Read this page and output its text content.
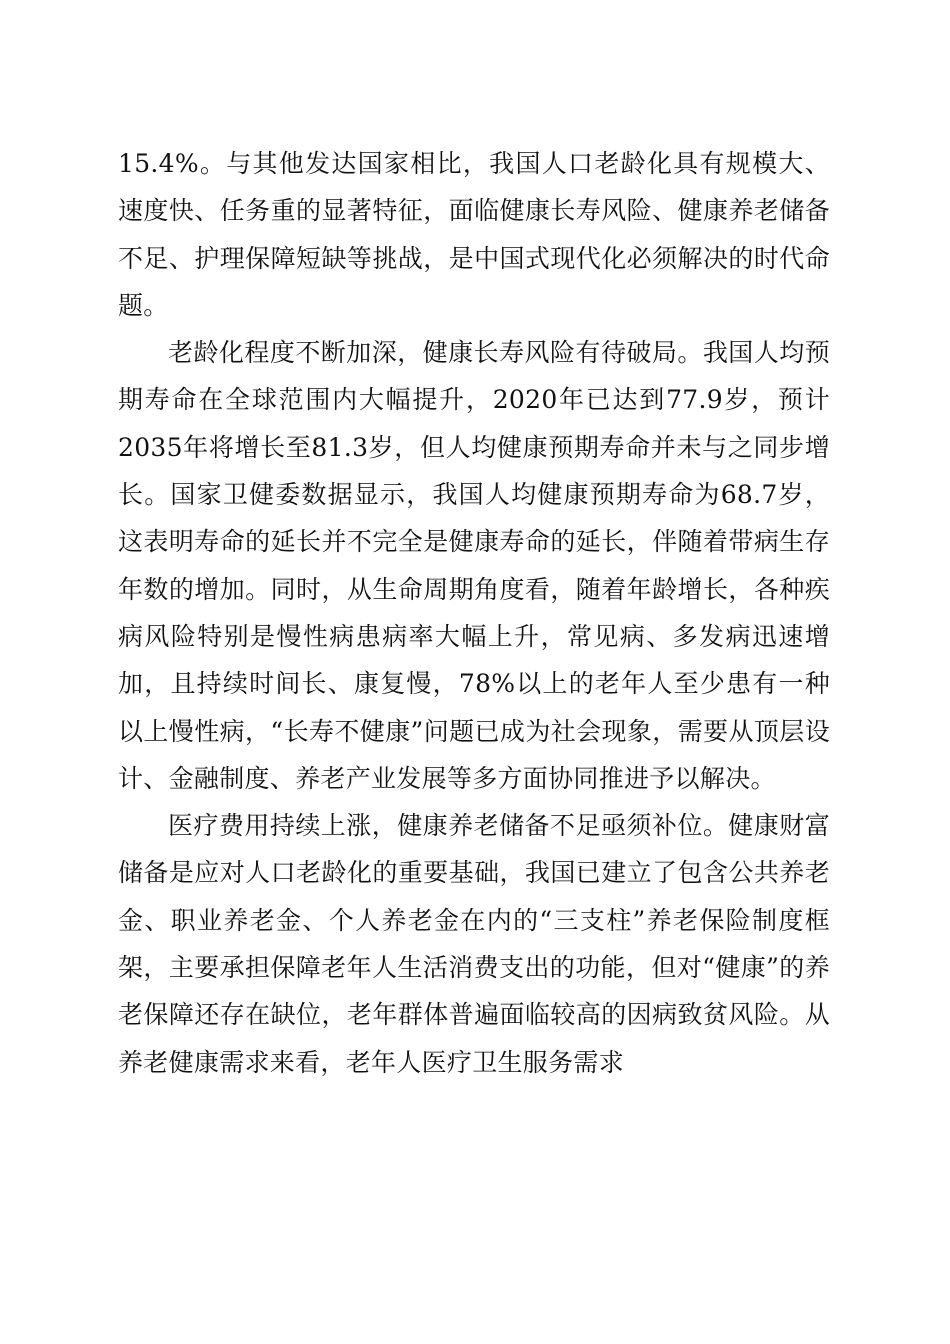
15.4%。与其他发达国家相比，我国人口老龄化具有规模大、速度快、任务重的显著特征，面临健康长寿风险、健康养老储备不足、护理保障短缺等挑战，是中国式现代化必须解决的时代命题。

老龄化程度不断加深，健康长寿风险有待破局。我国人均预期寿命在全球范围内大幅提升，2020年已达到77.9岁，预计2035年将增长至81.3岁，但人均健康预期寿命并未与之同步增长。国家卫健委数据显示，我国人均健康预期寿命为68.7岁，这表明寿命的延长并不完全是健康寿命的延长，伴随着带病生存年数的增加。同时，从生命周期角度看，随着年龄增长，各种疾病风险特别是慢性病患病率大幅上升，常见病、多发病迅速增加，且持续时间长、康复慢，78%以上的老年人至少患有一种以上慢性病，“长寿不健康”问题已成为社会现象，需要从顶层设计、金融制度、养老产业发展等多方面协同推进予以解决。

医疗费用持续上涨，健康养老储备不足亟须补位。健康财富储备是应对人口老龄化的重要基础，我国已建立了包含公共养老金、职业养老金、个人养老金在内的“三支柱”养老保险制度框架，主要承担保障老年人生活消费支出的功能，但对“健康”的养老保障还存在缺位，老年群体普遍面临较高的因病致贫风险。从养老健康需求来看，老年人医疗卫生服务需求
